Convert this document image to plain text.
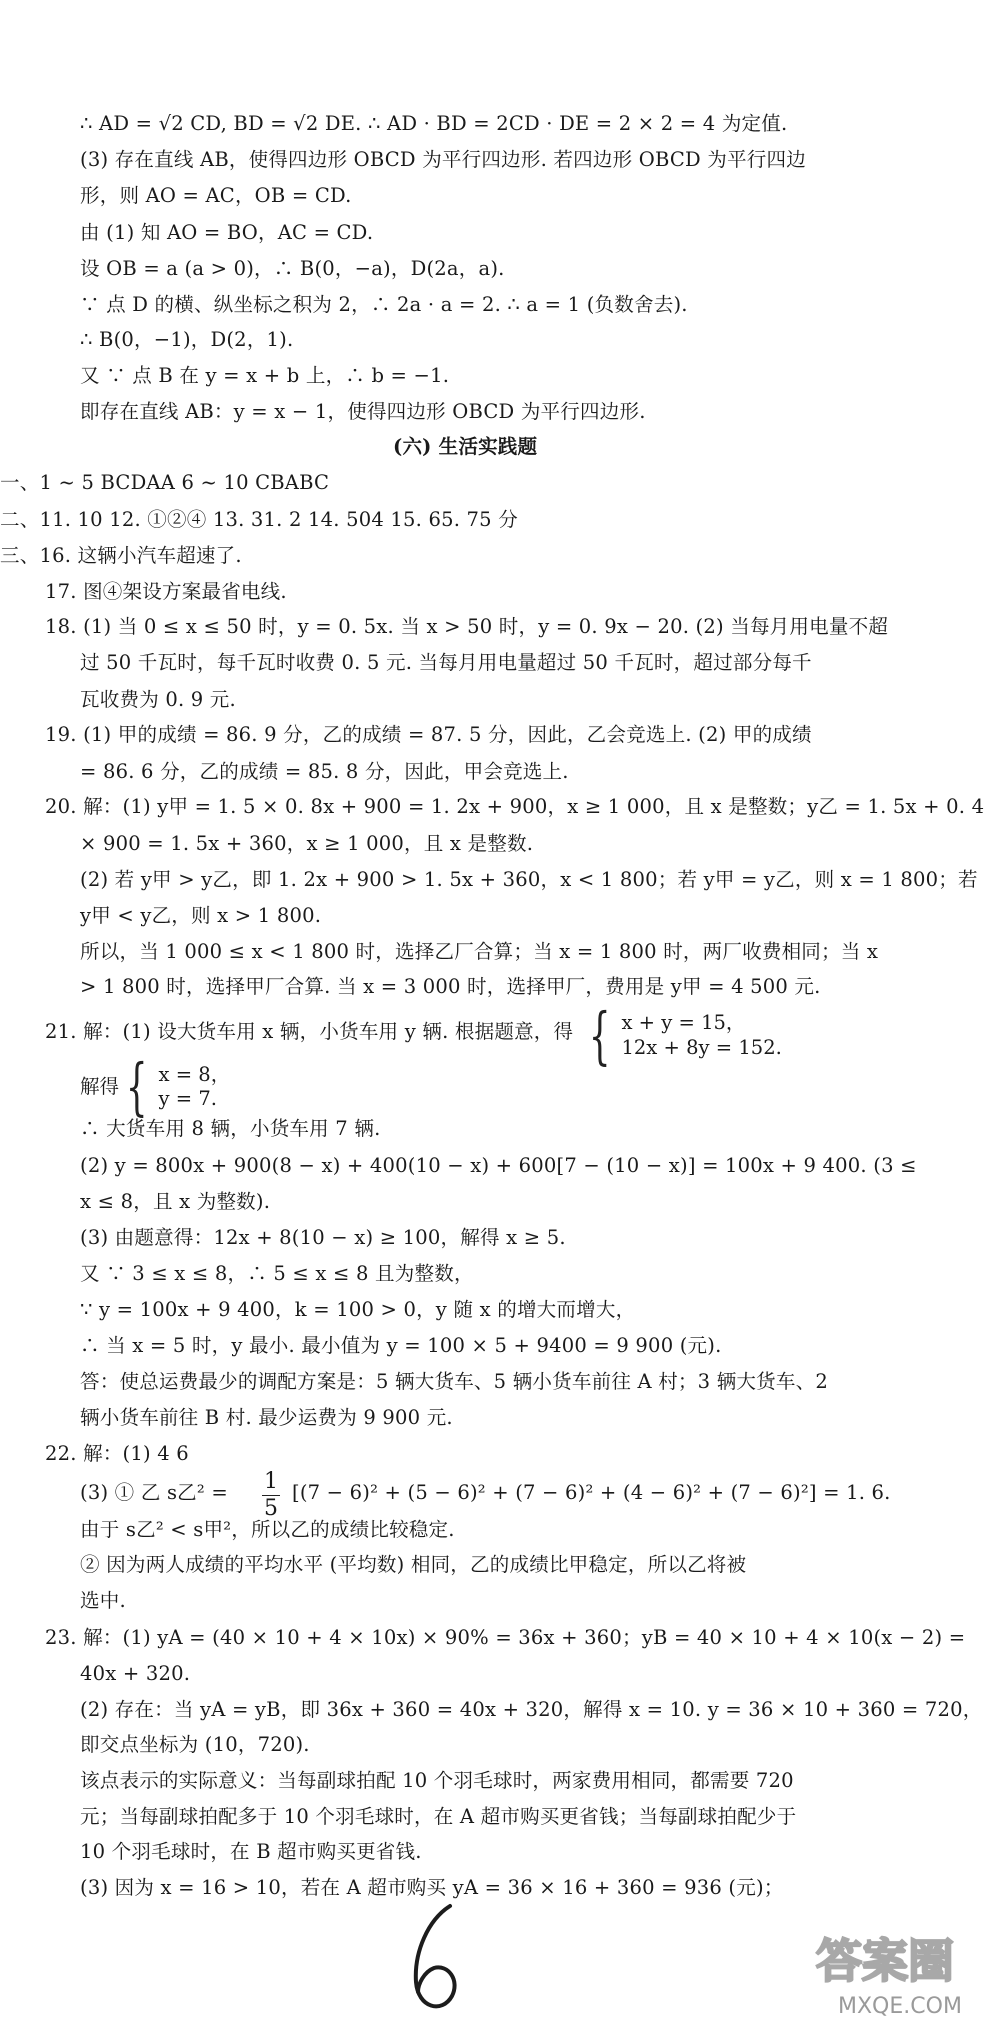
∴ AD = √2 CD, BD = √2 DE. ∴ AD · BD = 2CD · DE = 2 × 2 = 4 为定值.
(3) 存在直线 AB，使得四边形 OBCD 为平行四边形. 若四边形 OBCD 为平行四边
形，则 AO = AC，OB = CD.
由 (1) 知 AO = BO，AC = CD.
设 OB = a (a > 0)，∴ B(0，−a)，D(2a，a).
∵ 点 D 的横、纵坐标之积为 2，∴ 2a · a = 2. ∴ a = 1 (负数舍去).
∴ B(0，−1)，D(2，1).
又 ∵ 点 B 在 y = x + b 上，∴ b = −1.
即存在直线 AB：y = x − 1，使得四边形 OBCD 为平行四边形.
(六) 生活实践题
一、1 ~ 5 BCDAA 6 ~ 10 CBABC
二、11. 10 12. ①②④ 13. 31. 2 14. 504 15. 65. 75 分
三、16. 这辆小汽车超速了.
17. 图④架设方案最省电线.
18. (1) 当 0 ≤ x ≤ 50 时，y = 0. 5x. 当 x > 50 时，y = 0. 9x − 20. (2) 当每月用电量不超
过 50 千瓦时，每千瓦时收费 0. 5 元. 当每月用电量超过 50 千瓦时，超过部分每千
瓦收费为 0. 9 元.
19. (1) 甲的成绩 = 86. 9 分，乙的成绩 = 87. 5 分，因此，乙会竞选上. (2) 甲的成绩
= 86. 6 分，乙的成绩 = 85. 8 分，因此，甲会竞选上.
20. 解：(1) y甲 = 1. 5 × 0. 8x + 900 = 1. 2x + 900，x ≥ 1 000，且 x 是整数；y乙 = 1. 5x + 0. 4
× 900 = 1. 5x + 360，x ≥ 1 000，且 x 是整数.
(2) 若 y甲 > y乙，即 1. 2x + 900 > 1. 5x + 360，x < 1 800；若 y甲 = y乙，则 x = 1 800；若
y甲 < y乙，则 x > 1 800.
所以，当 1 000 ≤ x < 1 800 时，选择乙厂合算；当 x = 1 800 时，两厂收费相同；当 x
> 1 800 时，选择甲厂合算. 当 x = 3 000 时，选择甲厂，费用是 y甲 = 4 500 元.
21. 解：(1) 设大货车用 x 辆，小货车用 y 辆. 根据题意，得 { x + y = 15，
12x + 8y = 152.
解得 { x = 8，
y = 7.
∴ 大货车用 8 辆，小货车用 7 辆.
(2) y = 800x + 900(8 − x) + 400(10 − x) + 600[7 − (10 − x)] = 100x + 9 400. (3 ≤
x ≤ 8，且 x 为整数).
(3) 由题意得：12x + 8(10 − x) ≥ 100，解得 x ≥ 5.
又 ∵ 3 ≤ x ≤ 8，∴ 5 ≤ x ≤ 8 且为整数，
∵ y = 100x + 9 400，k = 100 > 0，y 随 x 的增大而增大，
∴ 当 x = 5 时，y 最小. 最小值为 y = 100 × 5 + 9400 = 9 900 (元).
答：使总运费最少的调配方案是：5 辆大货车、5 辆小货车前往 A 村；3 辆大货车、2
辆小货车前往 B 村. 最少运费为 9 900 元.
22. 解：(1) 4 6
(3) ① 乙 s乙² = 1
5
[(7 − 6)² + (5 − 6)² + (7 − 6)² + (4 − 6)² + (7 − 6)²] = 1. 6.
由于 s乙² < s甲²，所以乙的成绩比较稳定.
② 因为两人成绩的平均水平 (平均数) 相同，乙的成绩比甲稳定，所以乙将被
选中.
23. 解：(1) yA = (40 × 10 + 4 × 10x) × 90% = 36x + 360；yB = 40 × 10 + 4 × 10(x − 2) =
40x + 320.
(2) 存在：当 yA = yB，即 36x + 360 = 40x + 320，解得 x = 10. y = 36 × 10 + 360 = 720，
即交点坐标为 (10，720).
该点表示的实际意义：当每副球拍配 10 个羽毛球时，两家费用相同，都需要 720
元；当每副球拍配多于 10 个羽毛球时，在 A 超市购买更省钱；当每副球拍配少于
10 个羽毛球时，在 B 超市购买更省钱.
(3) 因为 x = 16 > 10，若在 A 超市购买 yA = 36 × 16 + 360 = 936 (元)；
答案圈
MXQE.COM
